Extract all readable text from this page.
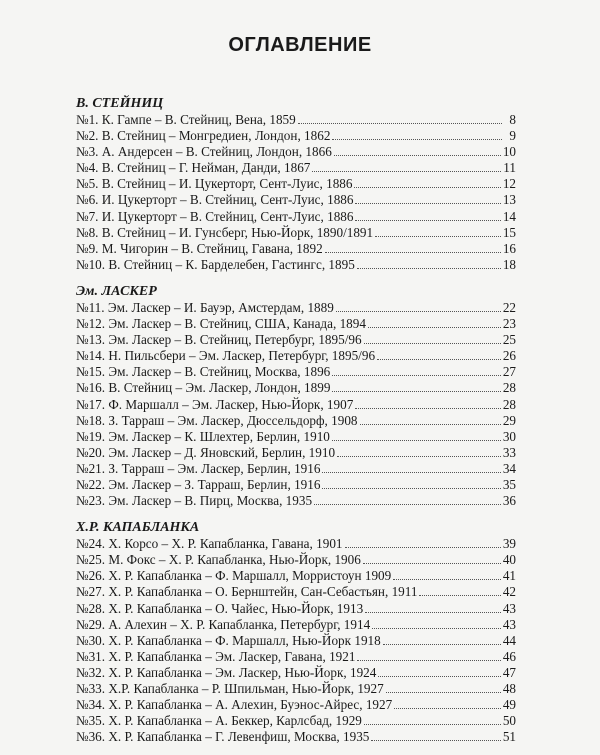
ОГЛАВЛЕНИЕ
В. СТЕЙНИЦ
№1. К. Гампе – В. Стейниц, Вена, 1859	8
№2. В. Стейниц – Монгредиен, Лондон, 1862	9
№3. А. Андерсен – В. Стейниц, Лондон, 1866	10
№4. В. Стейниц – Г. Нейман, Данди, 1867	11
№5. В. Стейниц – И. Цукерторт, Сент-Луис, 1886	12
№6. И. Цукерторт – В. Стейниц, Сент-Луис, 1886	13
№7. И. Цукерторт – В. Стейниц, Сент-Луис, 1886	14
№8. В. Стейниц – И. Гунсберг, Нью-Йорк, 1890/1891	15
№9. М. Чигорин – В. Стейниц, Гавана, 1892	16
№10. В. Стейниц – К. Барделебен, Гастингс, 1895	18
Эм. ЛАСКЕР
№11. Эм. Ласкер – И. Бауэр, Амстердам, 1889	22
№12. Эм. Ласкер – В. Стейниц, США, Канада, 1894	23
№13. Эм. Ласкер – В. Стейниц, Петербург, 1895/96	25
№14. Н. Пильсбери – Эм. Ласкер, Петербург, 1895/96	26
№15. Эм. Ласкер – В. Стейниц, Москва, 1896	27
№16. В. Стейниц – Эм. Ласкер, Лондон, 1899	28
№17. Ф. Маршалл – Эм. Ласкер, Нью-Йорк, 1907	28
№18. З. Тарраш – Эм. Ласкер, Дюссельдорф, 1908	29
№19. Эм. Ласкер – К. Шлехтер, Берлин, 1910	30
№20. Эм. Ласкер – Д. Яновский, Берлин, 1910	33
№21. З. Тарраш – Эм. Ласкер, Берлин, 1916	34
№22. Эм. Ласкер – З. Тарраш, Берлин, 1916	35
№23. Эм. Ласкер – В. Пирц, Москва, 1935	36
Х.Р. КАПАБЛАНКА
№24. Х. Корсо – Х. Р. Капабланка, Гавана, 1901	39
№25. М. Фокс – Х. Р. Капабланка, Нью-Йорк, 1906	40
№26. Х. Р. Капабланка – Ф. Маршалл, Морристоун 1909	41
№27. Х. Р. Капабланка – О. Бернштейн, Сан-Себастьян, 1911	42
№28. Х. Р. Капабланка – О. Чайес, Нью-Йорк, 1913	43
№29. А. Алехин – Х. Р. Капабланка, Петербург, 1914	43
№30. Х. Р. Капабланка – Ф. Маршалл, Нью-Йорк 1918	44
№31. Х. Р. Капабланка – Эм. Ласкер, Гавана, 1921	46
№32. Х. Р. Капабланка – Эм. Ласкер, Нью-Йорк, 1924	47
№33. Х.Р. Капабланка – Р. Шпильман, Нью-Йорк, 1927	48
№34. Х. Р. Капабланка – А. Алехин, Буэнос-Айрес, 1927	49
№35. Х. Р. Капабланка – А. Беккер, Карлсбад, 1929	50
№36. Х. Р. Капабланка – Г. Левенфиш, Москва, 1935	51
